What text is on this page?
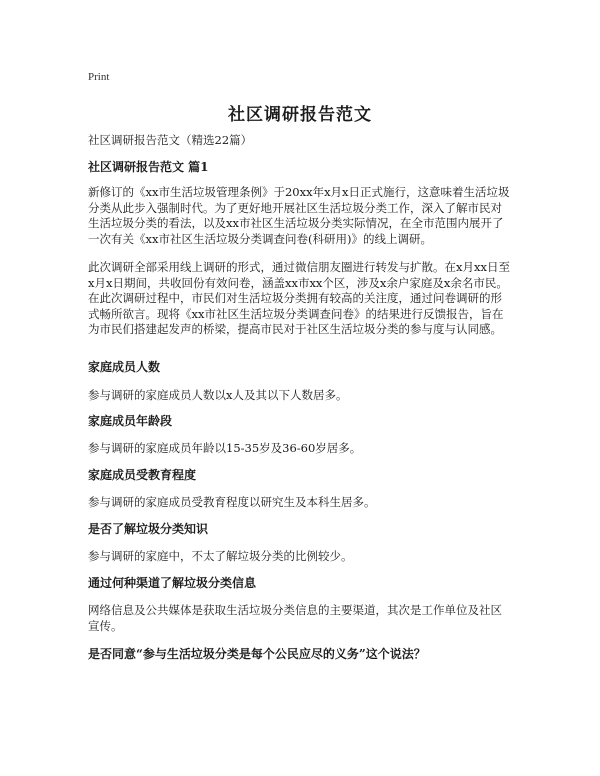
Print
社区调研报告范文
社区调研报告范文（精选22篇）
社区调研报告范文 篇1
新修订的《xx市生活垃圾管理条例》于20xx年x月x日正式施行，这意味着生活垃圾分类从此步入强制时代。为了更好地开展社区生活垃圾分类工作，深入了解市民对生活垃圾分类的看法，以及xx市社区生活垃圾分类实际情况，在全市范围内展开了一次有关《xx市社区生活垃圾分类调查问卷(科研用)》的线上调研。
此次调研全部采用线上调研的形式，通过微信朋友圈进行转发与扩散。在x月xx日至x月x日期间，共收回份有效问卷，涵盖xx市xx个区，涉及x余户家庭及x余名市民。在此次调研过程中，市民们对生活垃圾分类拥有较高的关注度，通过问卷调研的形式畅所欲言。现将《xx市社区生活垃圾分类调查问卷》的结果进行反馈报告，旨在为市民们搭建起发声的桥梁，提高市民对于社区生活垃圾分类的参与度与认同感。
家庭成员人数
参与调研的家庭成员人数以x人及其以下人数居多。
家庭成员年龄段
参与调研的家庭成员年龄以15-35岁及36-60岁居多。
家庭成员受教育程度
参与调研的家庭成员受教育程度以研究生及本科生居多。
是否了解垃圾分类知识
参与调研的家庭中，不太了解垃圾分类的比例较少。
通过何种渠道了解垃圾分类信息
网络信息及公共媒体是获取生活垃圾分类信息的主要渠道，其次是工作单位及社区宣传。
是否同意“参与生活垃圾分类是每个公民应尽的义务”这个说法？
